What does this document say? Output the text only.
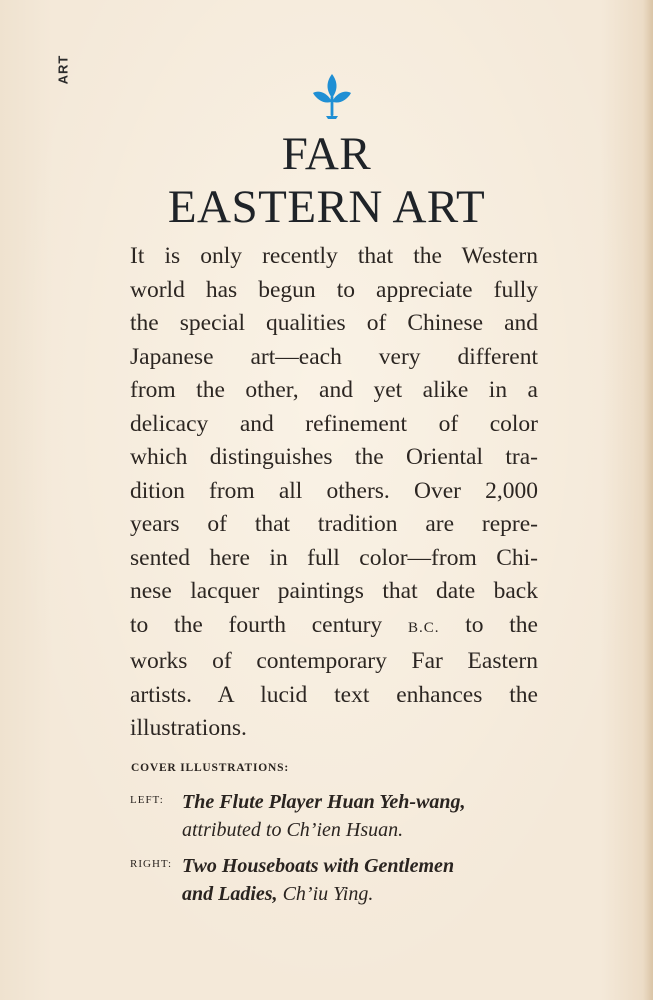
ART
FAR
EASTERN ART
It is only recently that the Western
world has begun to appreciate fully
the special qualities of Chinese and
Japanese art—each very different
from the other, and yet alike in a
delicacy and refinement of color
which distinguishes the Oriental tra-
dition from all others. Over 2,000
years of that tradition are repre-
sented here in full color—from Chi-
nese lacquer paintings that date back
to the fourth century B.C. to the
works of contemporary Far Eastern
artists. A lucid text enhances the
illustrations.
COVER ILLUSTRATIONS:
LEFT: The Flute Player Huan Yeh-wang,
attributed to Ch’ien Hsuan.
RIGHT: Two Houseboats with Gentlemen
and Ladies, Ch’iu Ying.
